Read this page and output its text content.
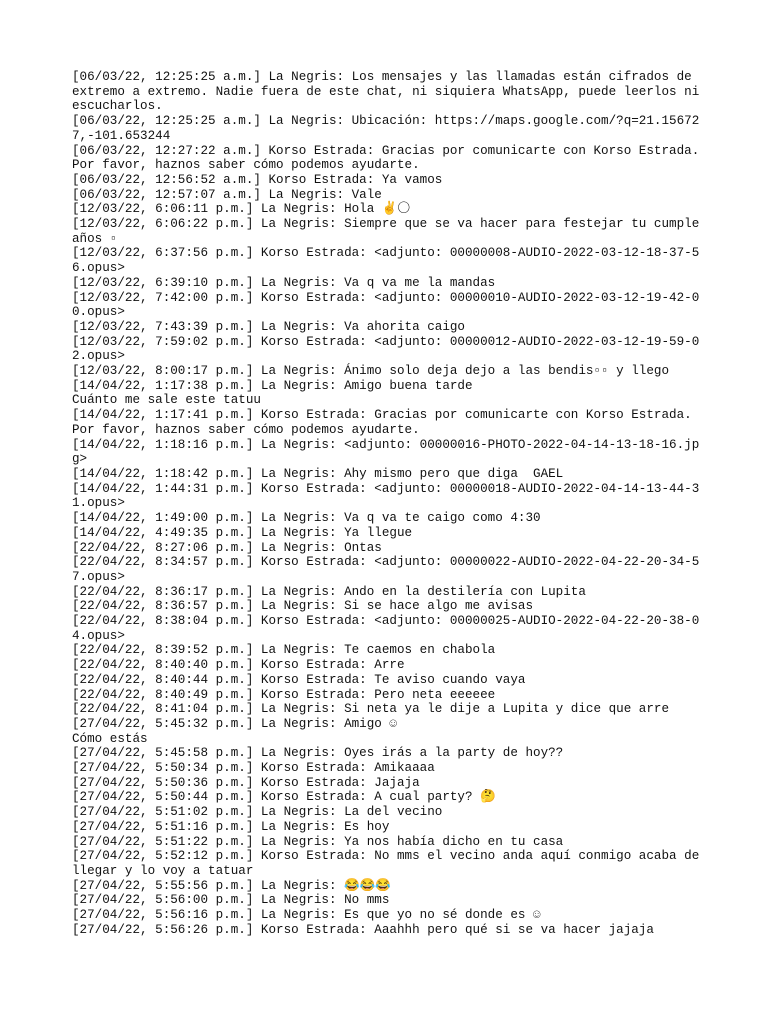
[06/03/22, 12:25:25 a.m.] La Negris: Los mensajes y las llamadas están cifrados de extremo a extremo. Nadie fuera de este chat, ni siquiera WhatsApp, puede leerlos ni escucharlos.

[06/03/22, 12:25:25 a.m.] La Negris: Ubicación: https://maps.google.com/?q=21.156727,-101.653244

[06/03/22, 12:27:22 a.m.] Korso Estrada: Gracias por comunicarte con Korso Estrada. Por favor, haznos saber cómo podemos ayudarte.

[06/03/22, 12:56:52 a.m.] Korso Estrada: Ya vamos

[06/03/22, 12:57:07 a.m.] La Negris: Vale

[12/03/22, 6:06:11 p.m.] La Negris: Hola ✌️〇

[12/03/22, 6:06:22 p.m.] La Negris: Siempre que se va hacer para festejar tu cumpleaños ▫

[12/03/22, 6:37:56 p.m.] Korso Estrada: <adjunto: 00000008-AUDIO-2022-03-12-18-37-56.opus>

[12/03/22, 6:39:10 p.m.] La Negris: Va q va me la mandas

[12/03/22, 7:42:00 p.m.] Korso Estrada: <adjunto: 00000010-AUDIO-2022-03-12-19-42-00.opus>

[12/03/22, 7:43:39 p.m.] La Negris: Va ahorita caigo

[12/03/22, 7:59:02 p.m.] Korso Estrada: <adjunto: 00000012-AUDIO-2022-03-12-19-59-02.opus>

[12/03/22, 8:00:17 p.m.] La Negris: Ánimo solo deja dejo a las bendis▫▫ y llego

[14/04/22, 1:17:38 p.m.] La Negris: Amigo buena tarde

Cuánto me sale este tatuu

[14/04/22, 1:17:41 p.m.] Korso Estrada: Gracias por comunicarte con Korso Estrada. Por favor, haznos saber cómo podemos ayudarte.

[14/04/22, 1:18:16 p.m.] La Negris: <adjunto: 00000016-PHOTO-2022-04-14-13-18-16.jpg>

[14/04/22, 1:18:42 p.m.] La Negris: Ahy mismo pero que diga  GAEL

[14/04/22, 1:44:31 p.m.] Korso Estrada: <adjunto: 00000018-AUDIO-2022-04-14-13-44-31.opus>

[14/04/22, 1:49:00 p.m.] La Negris: Va q va te caigo como 4:30

[14/04/22, 4:49:35 p.m.] La Negris: Ya llegue

[22/04/22, 8:27:06 p.m.] La Negris: Ontas

[22/04/22, 8:34:57 p.m.] Korso Estrada: <adjunto: 00000022-AUDIO-2022-04-22-20-34-57.opus>

[22/04/22, 8:36:17 p.m.] La Negris: Ando en la destilería con Lupita

[22/04/22, 8:36:57 p.m.] La Negris: Si se hace algo me avisas

[22/04/22, 8:38:04 p.m.] Korso Estrada: <adjunto: 00000025-AUDIO-2022-04-22-20-38-04.opus>

[22/04/22, 8:39:52 p.m.] La Negris: Te caemos en chabola

[22/04/22, 8:40:40 p.m.] Korso Estrada: Arre

[22/04/22, 8:40:44 p.m.] Korso Estrada: Te aviso cuando vaya

[22/04/22, 8:40:49 p.m.] Korso Estrada: Pero neta eeeeee

[22/04/22, 8:41:04 p.m.] La Negris: Si neta ya le dije a Lupita y dice que arre

[27/04/22, 5:45:32 p.m.] La Negris: Amigo ☺

Cómo estás

[27/04/22, 5:45:58 p.m.] La Negris: Oyes irás a la party de hoy??

[27/04/22, 5:50:34 p.m.] Korso Estrada: Amikaaaa

[27/04/22, 5:50:36 p.m.] Korso Estrada: Jajaja

[27/04/22, 5:50:44 p.m.] Korso Estrada: A cual party? 🤔

[27/04/22, 5:51:02 p.m.] La Negris: La del vecino

[27/04/22, 5:51:16 p.m.] La Negris: Es hoy

[27/04/22, 5:51:22 p.m.] La Negris: Ya nos había dicho en tu casa

[27/04/22, 5:52:12 p.m.] Korso Estrada: No mms el vecino anda aquí conmigo acaba de llegar y lo voy a tatuar

[27/04/22, 5:55:56 p.m.] La Negris: 😂😂😂

[27/04/22, 5:56:00 p.m.] La Negris: No mms

[27/04/22, 5:56:16 p.m.] La Negris: Es que yo no sé donde es ☺

[27/04/22, 5:56:26 p.m.] Korso Estrada: Aaahhh pero qué si se va hacer jajaja
